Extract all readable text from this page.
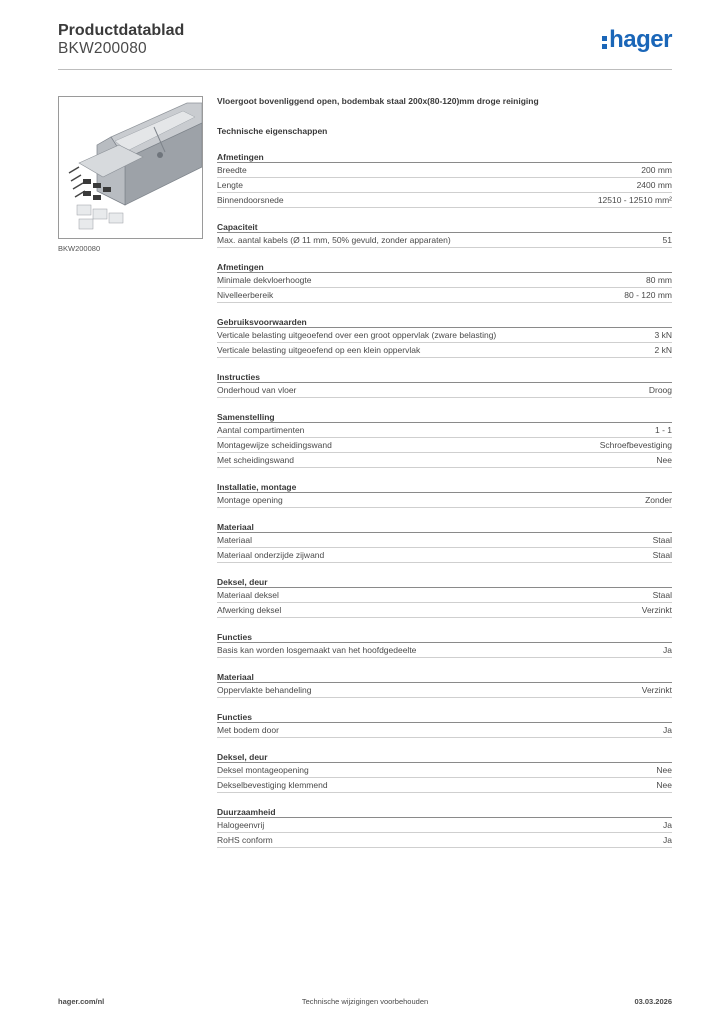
Productdatablad
BKW200080	hager
BKW200080
Vloergoot bovenliggend open, bodembak staal 200x(80-120)mm droge reiniging
Technische eigenschappen
Afmetingen
Breedte	200 mm
Lengte	2400 mm
Binnendoorsnede	12510 - 12510 mm²
Capaciteit
Max. aantal kabels (Ø 11 mm, 50% gevuld, zonder apparaten)	51
Afmetingen
Minimale dekvloerhoogte	80 mm
Nivelleerbereik	80 - 120 mm
Gebruiksvoorwaarden
Verticale belasting uitgeoefend over een groot oppervlak (zware belasting)	3 kN
Verticale belasting uitgeoefend op een klein oppervlak	2 kN
Instructies
Onderhoud van vloer	Droog
Samenstelling
Aantal compartimenten	1 - 1
Montagewijze scheidingswand	Schroefbevestiging
Met scheidingswand	Nee
Installatie, montage
Montage opening	Zonder
Materiaal
Materiaal	Staal
Materiaal onderzijde zijwand	Staal
Deksel, deur
Materiaal deksel	Staal
Afwerking deksel	Verzinkt
Functies
Basis kan worden losgemaakt van het hoofdgedeelte	Ja
Materiaal
Oppervlakte behandeling	Verzinkt
Functies
Met bodem door	Ja
Deksel, deur
Deksel montageopening	Nee
Dekselbevestiging klemmend	Nee
Duurzaamheid
Halogeenvrij	Ja
RoHS conform	Ja
hager.com/nl	Technische wijzigingen voorbehouden	03.03.2026
